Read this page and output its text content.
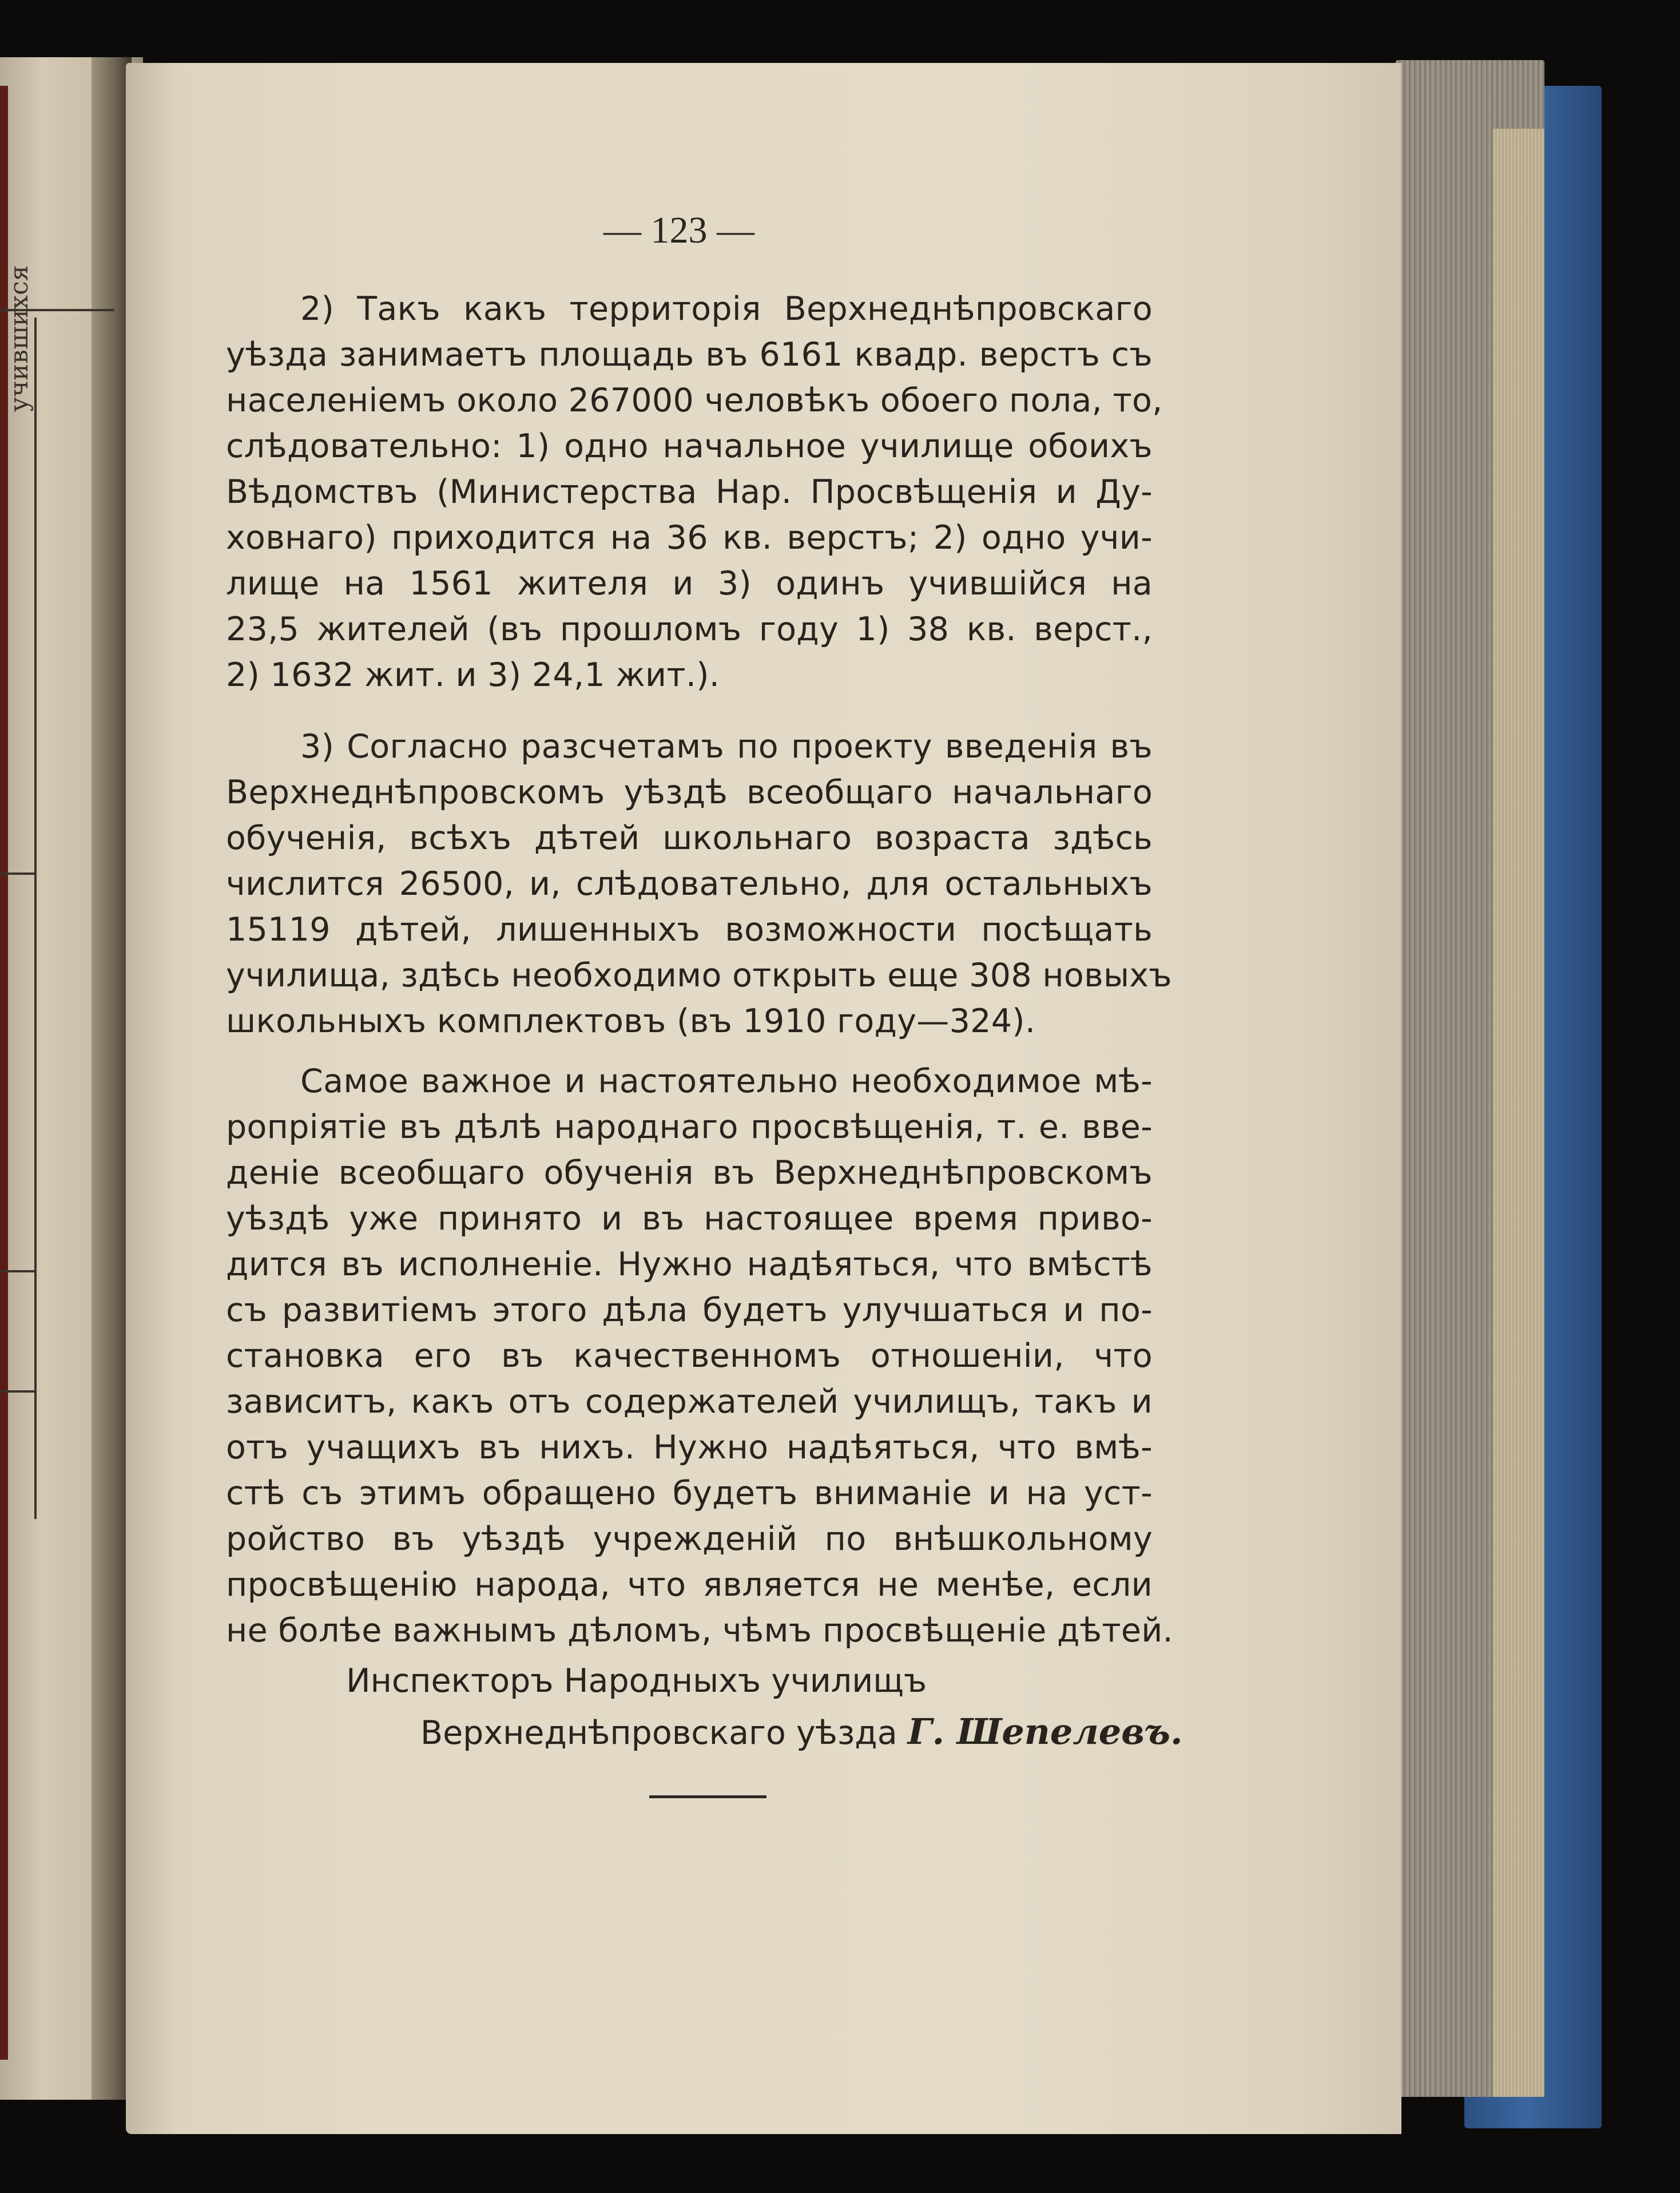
учившихся
— 123 —
2) Такъ какъ территорія Верхнеднѣпровскаго
уѣзда занимаетъ площадь въ 6161 квадр. верстъ съ
населеніемъ около 267000 человѣкъ обоего пола, то,
слѣдовательно: 1) одно начальное училище обоихъ
Вѣдомствъ (Министерства Нар. Просвѣщенія и Ду-
ховнаго) приходится на 36 кв. верстъ; 2) одно учи-
лище на 1561 жителя и 3) одинъ учившійся на
23,5 жителей (въ прошломъ году 1) 38 кв. верст.,
2) 1632 жит. и 3) 24,1 жит.).
3) Согласно разсчетамъ по проекту введенія въ
Верхнеднѣпровскомъ уѣздѣ всеобщаго начальнаго
обученія, всѣхъ дѣтей школьнаго возраста здѣсь
числится 26500, и, слѣдовательно, для остальныхъ
15119 дѣтей, лишенныхъ возможности посѣщать
училища, здѣсь необходимо открыть еще 308 новыхъ
школьныхъ комплектовъ (въ 1910 году—324).
Самое важное и настоятельно необходимое мѣ-
ропріятіе въ дѣлѣ народнаго просвѣщенія, т. е. вве-
деніе всеобщаго обученія въ Верхнеднѣпровскомъ
уѣздѣ уже принято и въ настоящее время приво-
дится въ исполненіе. Нужно надѣяться, что вмѣстѣ
съ развитіемъ этого дѣла будетъ улучшаться и по-
становка его въ качественномъ отношеніи, что
зависитъ, какъ отъ содержателей училищъ, такъ и
отъ учащихъ въ нихъ. Нужно надѣяться, что вмѣ-
стѣ съ этимъ обращено будетъ вниманіе и на уст-
ройство въ уѣздѣ учрежденій по внѣшкольному
просвѣщенію народа, что является не менѣе, если
не болѣе важнымъ дѣломъ, чѣмъ просвѣщеніе дѣтей.
Инспекторъ Народныхъ училищъ
Верхнеднѣпровскаго уѣзда Г. Шепелевъ.
